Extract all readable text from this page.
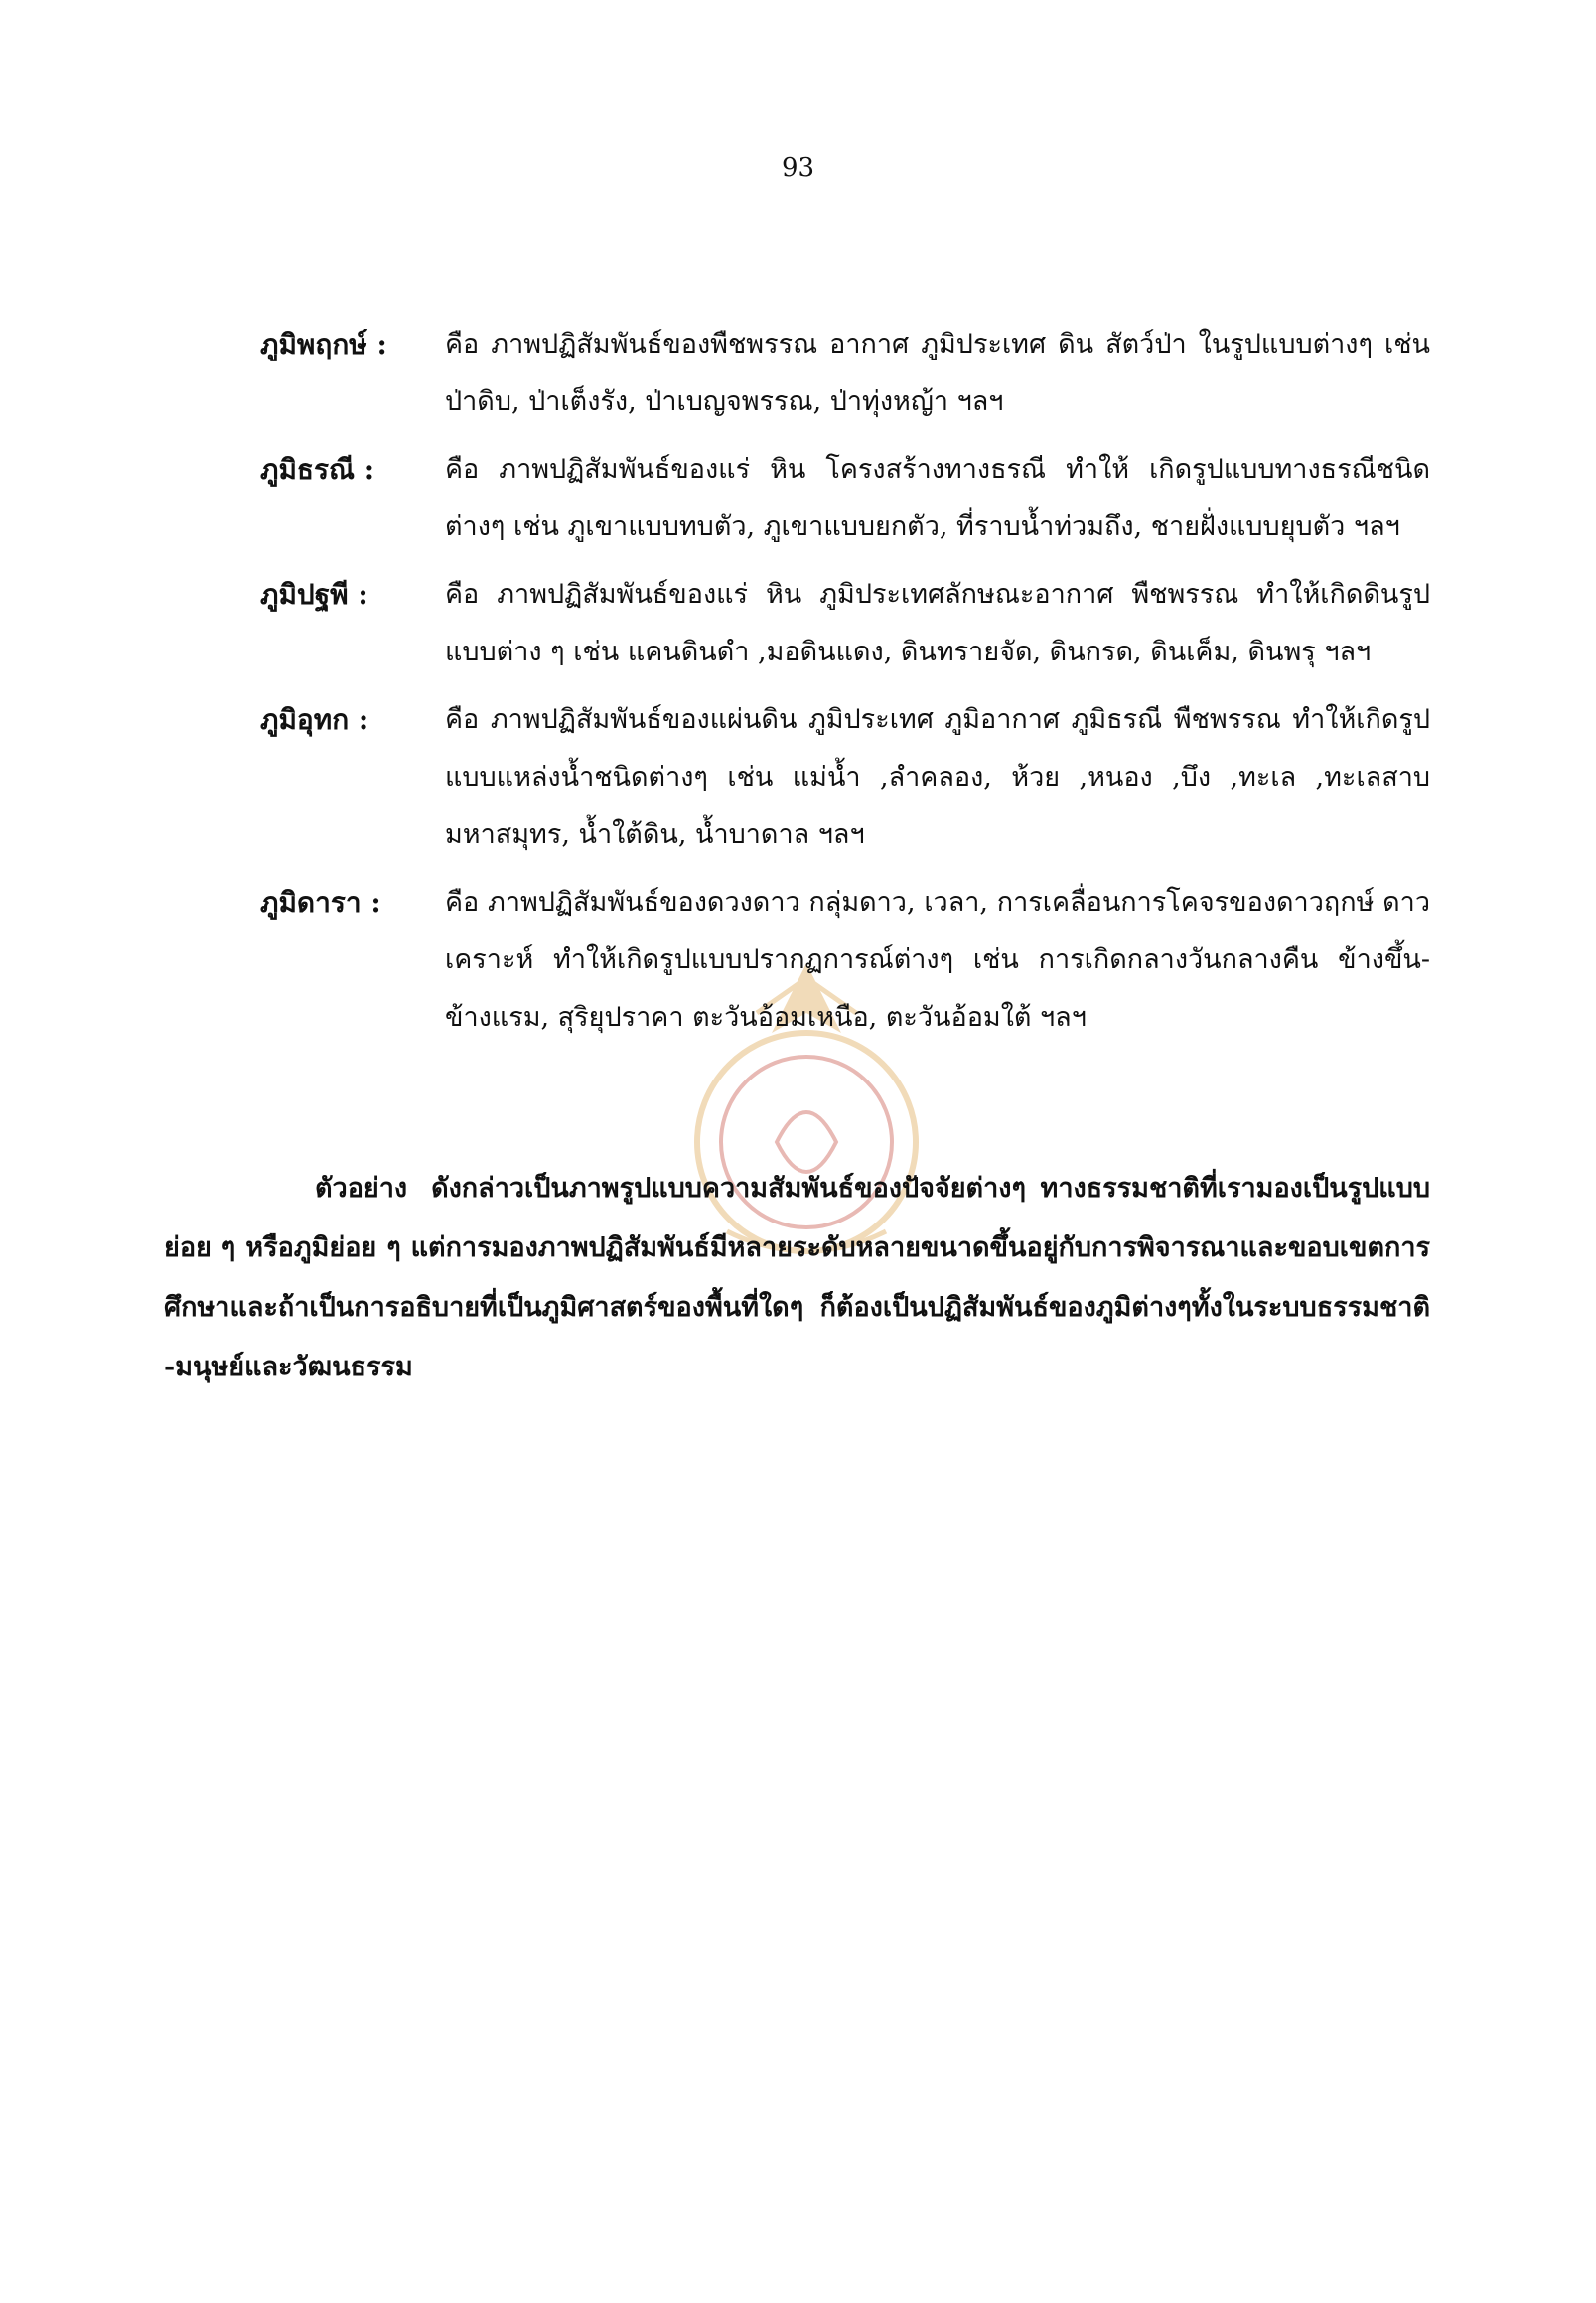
93
ภูมิพฤกษ์ :	คือ ภาพปฏิสัมพันธ์ของพืชพรรณ อากาศ ภูมิประเทศ ดิน สัตว์ป่า ในรูปแบบต่างๆ เช่น ป่าดิบ, ป่าเต็งรัง, ป่าเบญจพรรณ, ป่าทุ่งหญ้า ฯลฯ
ภูมิธรณี :	คือ ภาพปฏิสัมพันธ์ของแร่ หิน โครงสร้างทางธรณี ทำให้ เกิดรูปแบบทางธรณีชนิดต่างๆ เช่น ภูเขาแบบทบตัว, ภูเขาแบบยกตัว, ที่ราบน้ำท่วมถึง, ชายฝั่งแบบยุบตัว ฯลฯ
ภูมิปฐพี :	คือ ภาพปฏิสัมพันธ์ของแร่ หิน ภูมิประเทศลักษณะอากาศ พืชพรรณ ทำให้เกิดดินรูปแบบต่าง ๆ เช่น แคนดินดำ ,มอดินแดง, ดินทรายจัด, ดินกรด, ดินเค็ม, ดินพรุ ฯลฯ
ภูมิอุทก :	คือ ภาพปฏิสัมพันธ์ของแผ่นดิน ภูมิประเทศ ภูมิอากาศ ภูมิธรณี พืชพรรณ ทำให้เกิดรูปแบบแหล่งน้ำชนิดต่างๆ เช่น แม่น้ำ ,ลำคลอง, ห้วย ,หนอง ,บึง ,ทะเล ,ทะเลสาบมหาสมุทร, น้ำใต้ดิน, น้ำบาดาล ฯลฯ
ภูมิดารา :	คือ ภาพปฏิสัมพันธ์ของดวงดาว กลุ่มดาว, เวลา, การเคลื่อนการโคจรของดาวฤกษ์ ดาวเคราะห์ ทำให้เกิดรูปแบบปรากฏการณ์ต่างๆ เช่น การเกิดกลางวันกลางคืน ข้างขึ้น-ข้างแรม, สุริยุปราคา ตะวันอ้อมเหนือ, ตะวันอ้อมใต้ ฯลฯ
ตัวอย่าง ดังกล่าวเป็นภาพรูปแบบความสัมพันธ์ของปัจจัยต่างๆ ทางธรรมชาติที่เรามองเป็นรูปแบบย่อย ๆ หรือภูมิย่อย ๆ แต่การมองภาพปฏิสัมพันธ์มีหลายระดับหลายขนาดขึ้นอยู่กับการพิจารณาและขอบเขตการศึกษาและถ้าเป็นการอธิบายที่เป็นภูมิศาสตร์ของพื้นที่ใดๆ ก็ต้องเป็นปฏิสัมพันธ์ของภูมิต่างๆทั้งในระบบธรรมชาติ -มนุษย์และวัฒนธรรม
